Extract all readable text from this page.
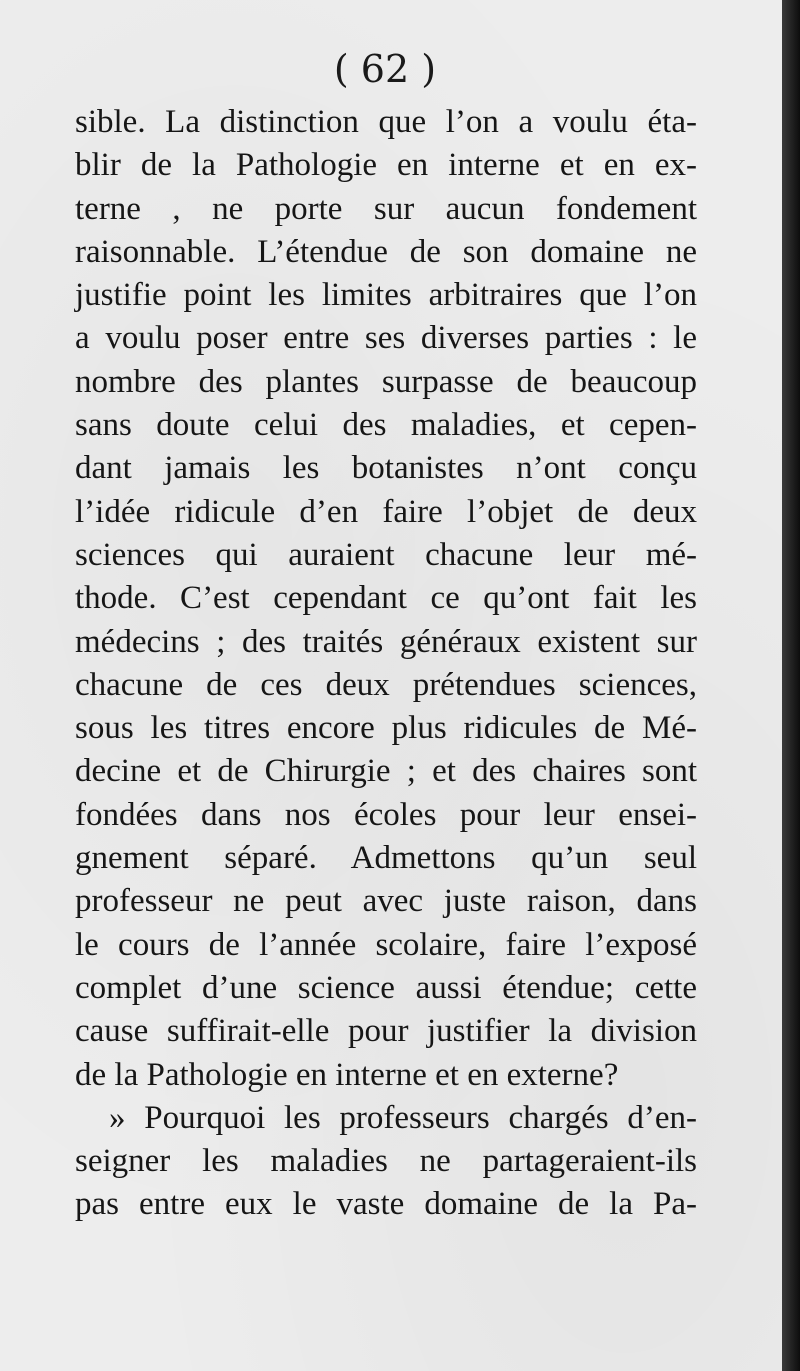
( 62 )
sible. La distinction que l’on a voulu éta-
blir de la Pathologie en interne et en ex-
terne , ne porte sur aucun fondement
raisonnable. L’étendue de son domaine ne
justifie point les limites arbitraires que l’on
a voulu poser entre ses diverses parties : le
nombre des plantes surpasse de beaucoup
sans doute celui des maladies, et cepen-
dant jamais les botanistes n’ont conçu
l’idée ridicule d’en faire l’objet de deux
sciences qui auraient chacune leur mé-
thode. C’est cependant ce qu’ont fait les
médecins ; des traités généraux existent sur
chacune de ces deux prétendues sciences,
sous les titres encore plus ridicules de Mé-
decine et de Chirurgie ; et des chaires sont
fondées dans nos écoles pour leur ensei-
gnement séparé. Admettons qu’un seul
professeur ne peut avec juste raison, dans
le cours de l’année scolaire, faire l’exposé
complet d’une science aussi étendue; cette
cause suffirait-elle pour justifier la division
de la Pathologie en interne et en externe?
» Pourquoi les professeurs chargés d’en-
seigner les maladies ne partageraient-ils
pas entre eux le vaste domaine de la Pa-
